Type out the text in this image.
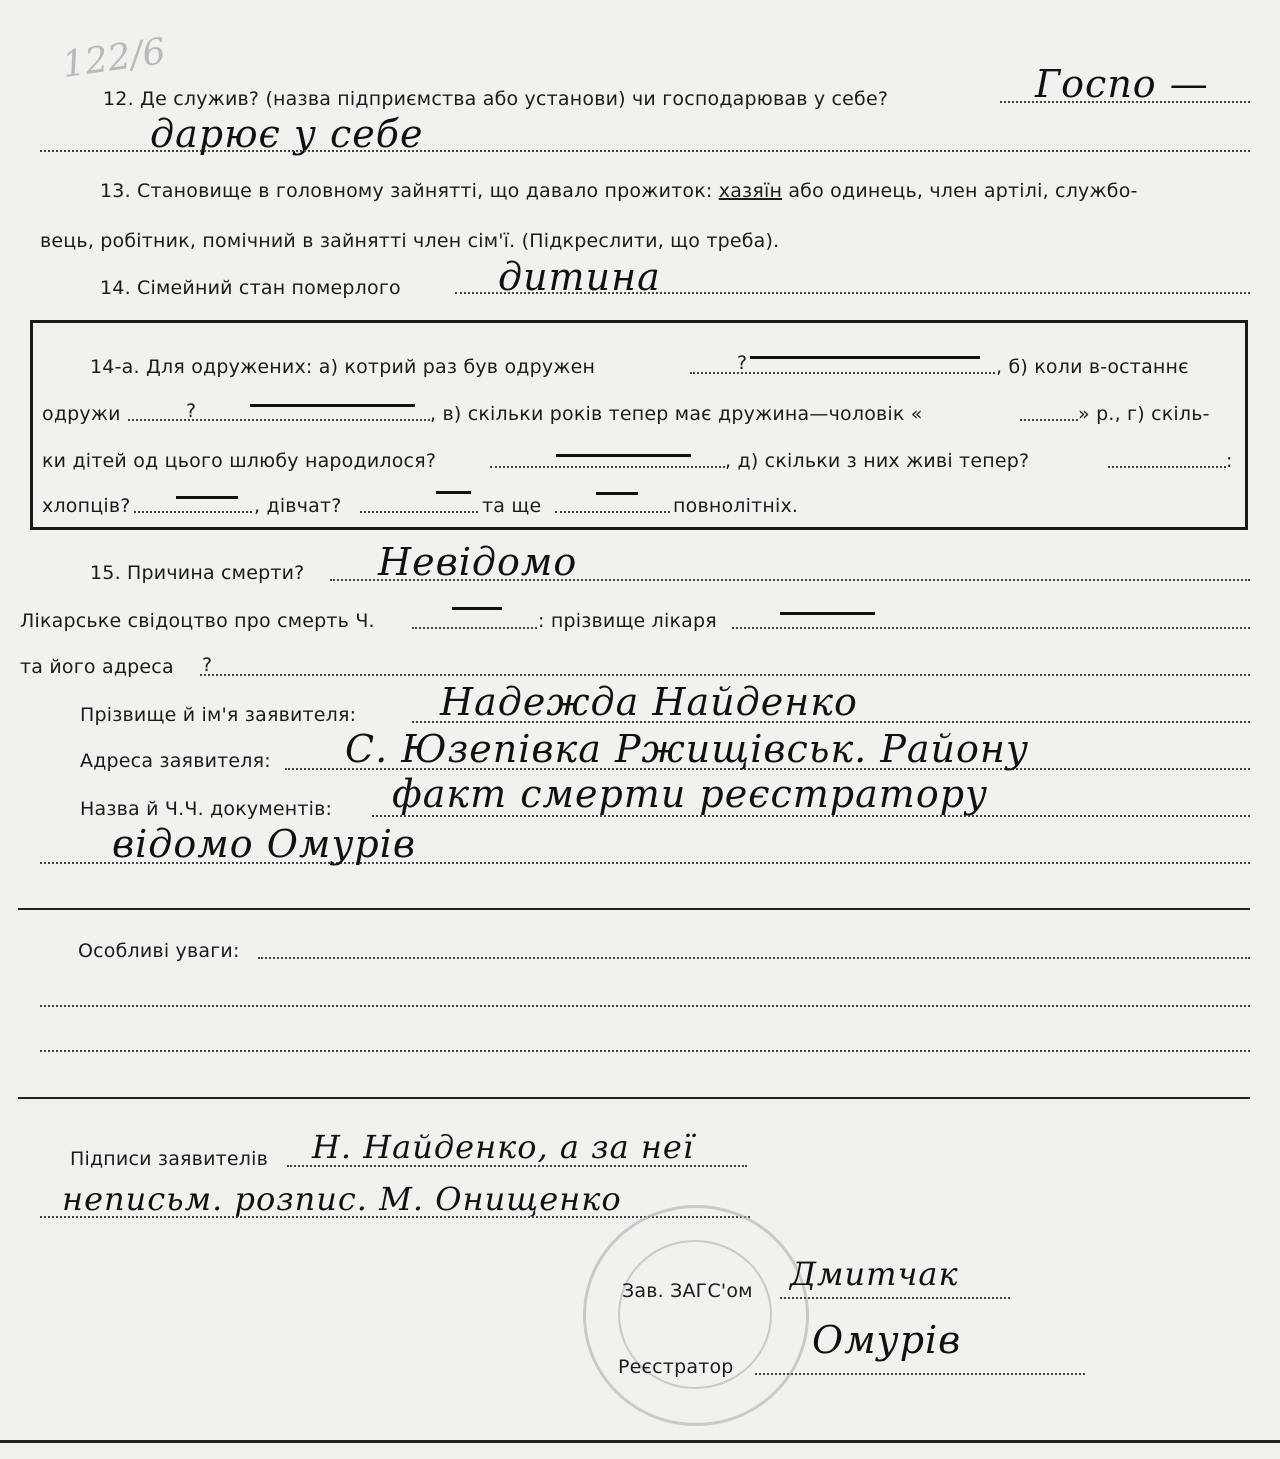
122/6
12. Де служив? (назва підприємства або установи) чи господарював у себе?	Госпо —
дарює у себе
13. Становище в головному зайнятті, що давало прожиток: хазяїн або одинець, член артілі, службо-
вець, робітник, помічний в зайнятті член сім'ї. (Підкреслити, що треба).
14. Сімейний стан померлого	дитина
14-а. Для одружених: а) котрий раз був одружен	?	, б) коли в-останнє
одружи	?	, в) скільки років тепер має дружина—чоловік «	» р., г) скіль-
ки дітей од цього шлюбу народилося?	, д) скільки з них живі тепер?	:
хлопців?	, дівчат?	та ще	повнолітніх.
15. Причина смерти? Невідомо
Лікарське свідоцтво про смерть Ч.	: прізвище лікаря
та його адреса ?
Прізвище й ім'я заявителя: Надежда Найденко
Адреса заявителя: С. Юзепівка Ржищівськ. Району
Назва й Ч.Ч. документів: факт смерти реєстратору
відомо Омурів
Особливі уваги:
Підписи заявителів Н. Найденко, а за неї
неписьм. розпис. М. Онищенко
Зав. ЗАГС'ом Дмитчак
Реєстратор
Омурів
